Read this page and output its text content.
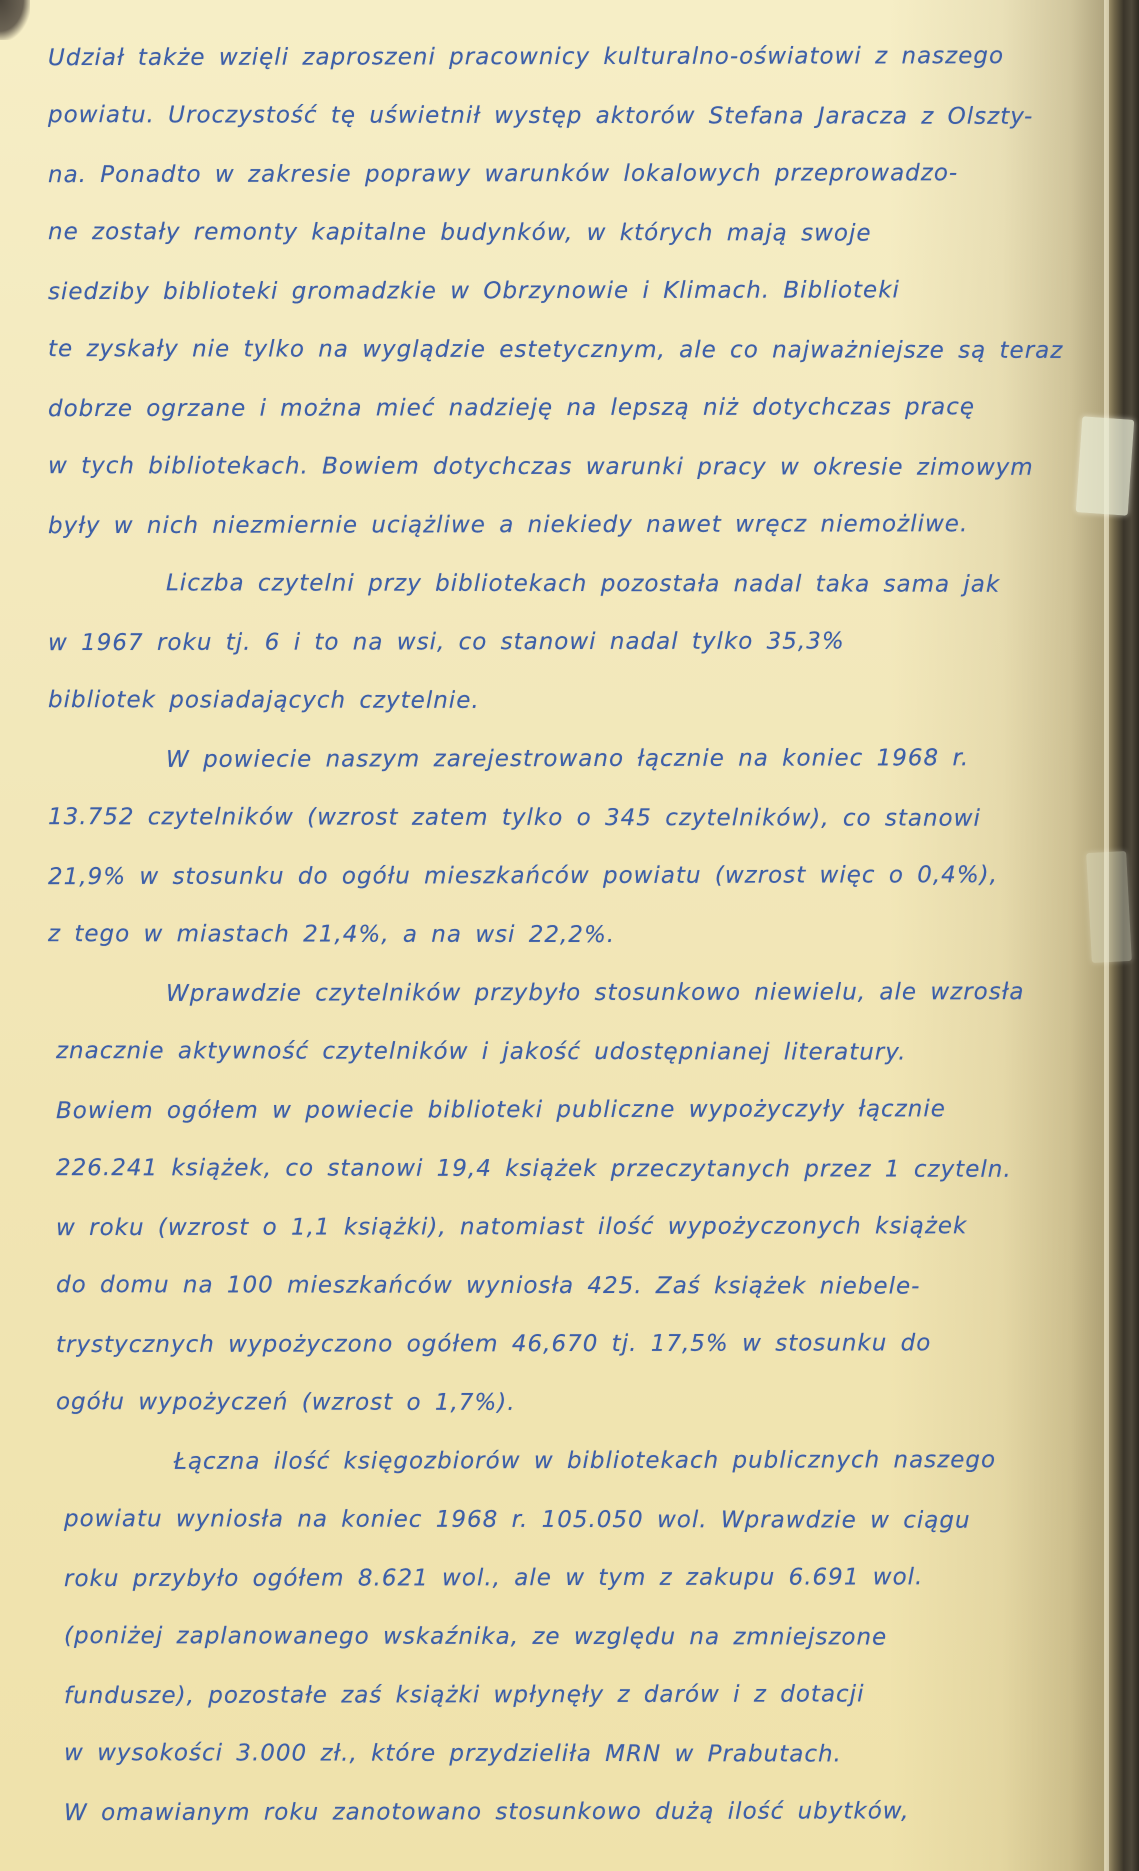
Udział także wzięli zaproszeni pracownicy kulturalno-oświatowi z naszego
powiatu. Uroczystość tę uświetnił występ aktorów Stefana Jaracza z Olszty-
na. Ponadto w zakresie poprawy warunków lokalowych przeprowadzo-
ne zostały remonty kapitalne budynków, w których mają swoje
siedziby biblioteki gromadzkie w Obrzynowie i Klimach. Biblioteki
te zyskały nie tylko na wyglądzie estetycznym, ale co najważniejsze są teraz
dobrze ogrzane i można mieć nadzieję na lepszą niż dotychczas pracę
w tych bibliotekach. Bowiem dotychczas warunki pracy w okresie zimowym
były w nich niezmiernie uciążliwe a niekiedy nawet wręcz niemożliwe.
Liczba czytelni przy bibliotekach pozostała nadal taka sama jak
w 1967 roku tj. 6 i to na wsi, co stanowi nadal tylko 35,3%
bibliotek posiadających czytelnie.
W powiecie naszym zarejestrowano łącznie na koniec 1968 r.
13.752 czytelników (wzrost zatem tylko o 345 czytelników), co stanowi
21,9% w stosunku do ogółu mieszkańców powiatu (wzrost więc o 0,4%),
z tego w miastach 21,4%, a na wsi 22,2%.
Wprawdzie czytelników przybyło stosunkowo niewielu, ale wzrosła
znacznie aktywność czytelników i jakość udostępnianej literatury.
Bowiem ogółem w powiecie biblioteki publiczne wypożyczyły łącznie
226.241 książek, co stanowi 19,4 książek przeczytanych przez 1 czyteln.
w roku (wzrost o 1,1 książki), natomiast ilość wypożyczonych książek
do domu na 100 mieszkańców wyniosła 425. Zaś książek niebele-
trystycznych wypożyczono ogółem 46,670 tj. 17,5% w stosunku do
ogółu wypożyczeń (wzrost o 1,7%).
Łączna ilość księgozbiorów w bibliotekach publicznych naszego
powiatu wyniosła na koniec 1968 r. 105.050 wol. Wprawdzie w ciągu
roku przybyło ogółem 8.621 wol., ale w tym z zakupu 6.691 wol.
(poniżej zaplanowanego wskaźnika, ze względu na zmniejszone
fundusze), pozostałe zaś książki wpłynęły z darów i z dotacji
w wysokości 3.000 zł., które przydzieliła MRN w Prabutach.
W omawianym roku zanotowano stosunkowo dużą ilość ubytków,
